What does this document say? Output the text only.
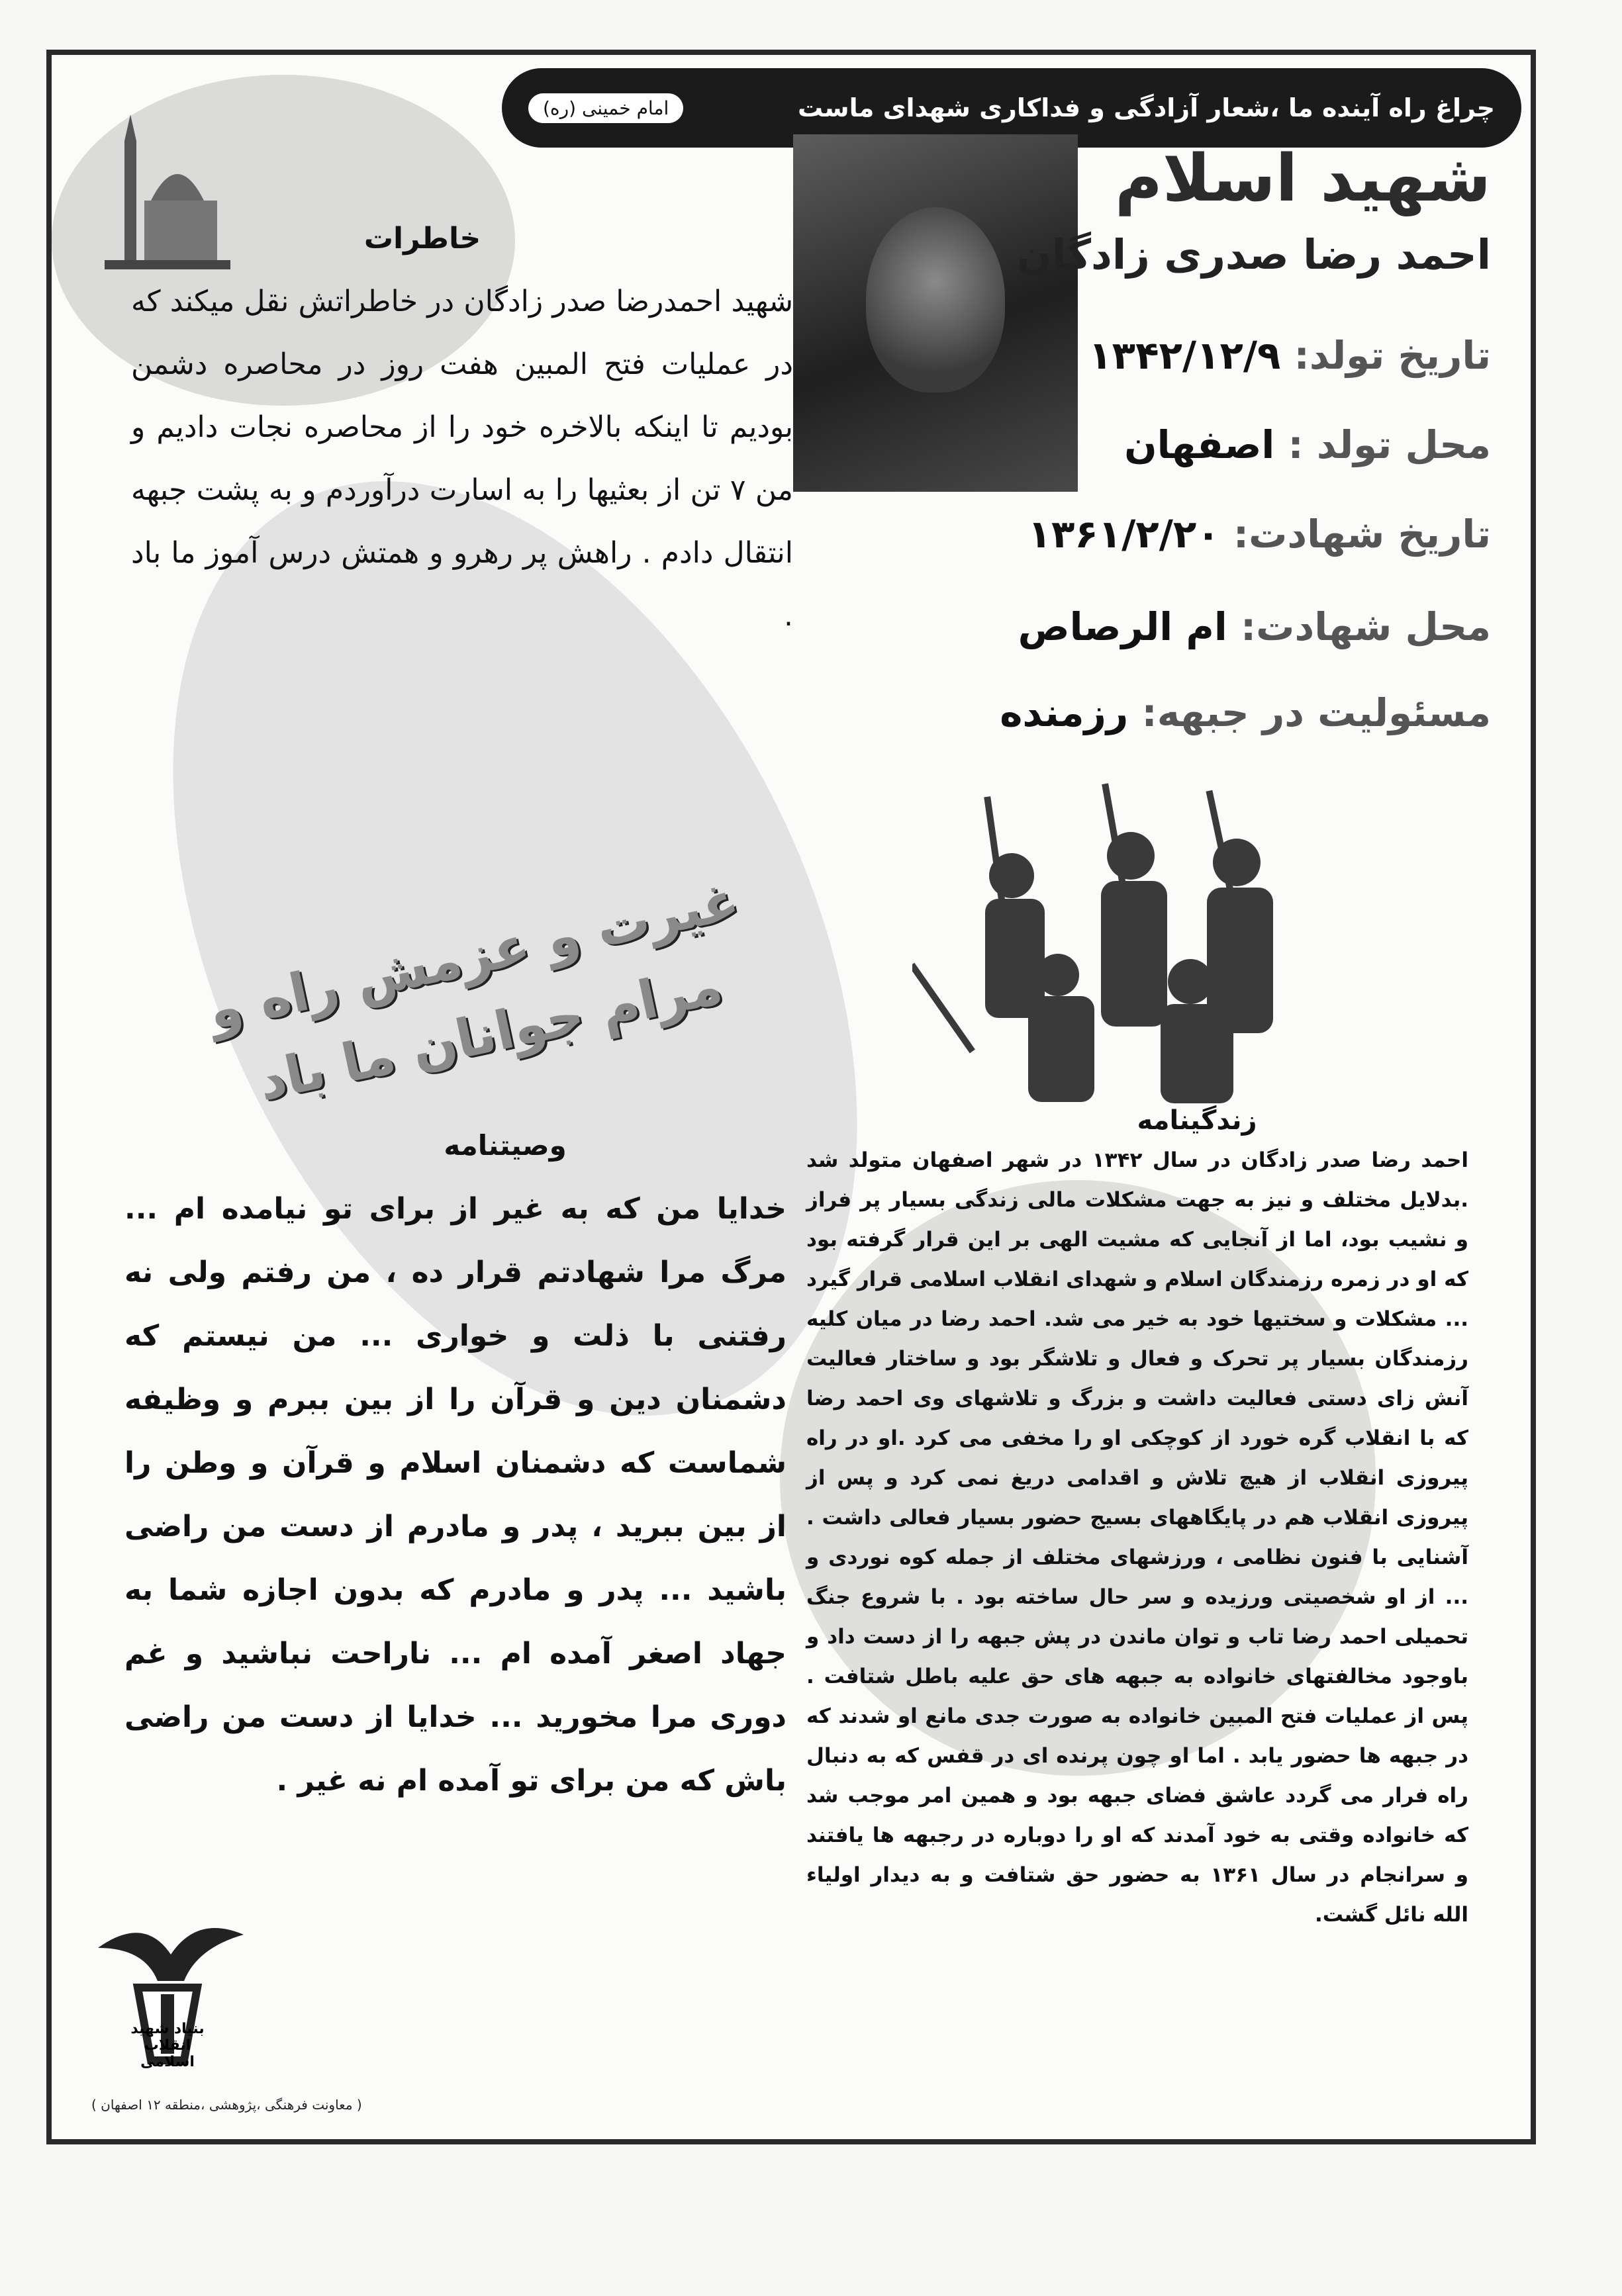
چراغ راه آینده ما ،شعار آزادگی و فداکاری شهدای ماست
امام خمینی (ره)
شهید اسلام
احمد رضا صدری زادگان
تاریخ تولد: ۱۳۴۲/۱۲/۹
محل تولد : اصفهان
تاریخ شهادت: ۱۳۶۱/۲/۲۰
محل شهادت: ام الرصاص
مسئولیت در جبهه: رزمنده
خاطرات
شهید احمدرضا صدر زادگان در خاطراتش نقل میکند که در عملیات فتح المبین هفت روز در محاصره دشمن بودیم تا اینکه بالاخره خود را از محاصره نجات دادیم و من ۷ تن از بعثیها را به اسارت درآوردم و به پشت جبهه انتقال دادم . راهش پر رهرو و همتش درس آموز ما باد .
غیرت و عزمش راه و مرام جوانان ما باد
وصیتنامه
خدایا من که به غیر از برای تو نیامده ام ... مرگ مرا شهادتم قرار ده ، من رفتم ولی نه رفتنی با ذلت و خواری ... من نیستم که دشمنان دین و قرآن را از بین ببرم و وظیفه شماست که دشمنان اسلام و قرآن و وطن را از بین ببرید ، پدر و مادرم از دست من راضی باشید ... پدر و مادرم که بدون اجازه شما به جهاد اصغر آمده ام ... ناراحت نباشید و غم دوری مرا مخورید ... خدایا از دست من راضی باش که من برای تو آمده ام نه غیر .
زندگینامه
احمد رضا صدر زادگان در سال ۱۳۴۲ در شهر اصفهان متولد شد .بدلایل مختلف و نیز به جهت مشکلات مالی زندگی بسیار پر فراز و نشیب بود، اما از آنجایی که مشیت الهی بر این قرار گرفته بود که او در زمره رزمندگان اسلام و شهدای انقلاب اسلامی قرار گیرد ... مشکلات و سختیها خود به خیر می شد. احمد رضا در میان کلیه رزمندگان بسیار پر تحرک و فعال و تلاشگر بود و ساختار فعالیت آنش زای دستی فعالیت داشت و بزرگ و تلاشهای وی احمد رضا که با انقلاب گره خورد از کوچکی او را مخفی می کرد .او در راه پیروزی انقلاب از هیچ تلاش و اقدامی دریغ نمی کرد و پس از پیروزی انقلاب هم در پایگاههای بسیج حضور بسیار فعالی داشت . آشنایی با فنون نظامی ، ورزشهای مختلف از جمله کوه نوردی و ... از او شخصیتی ورزیده و سر حال ساخته بود . با شروع جنگ تحمیلی احمد رضا تاب و توان ماندن در پش جبهه را از دست داد و باوجود مخالفتهای خانواده به جبهه های حق علیه باطل شتافت . پس از عملیات فتح المبین خانواده به صورت جدی مانع او شدند که در جبهه ها حضور یابد . اما او چون پرنده ای در قفس که به دنبال راه فرار می گردد عاشق فضای جبهه بود و همین امر موجب شد که خانواده وقتی به خود آمدند که او را دوباره در رجبهه ها یافتند و سرانجام در سال ۱۳۶۱ به حضور حق شتافت و به دیدار اولیاء الله نائل گشت.
بنیاد شهید انقلاب اسلامی
( معاونت فرهنگی ،پژوهشی ،منطقه ۱۲ اصفهان )
